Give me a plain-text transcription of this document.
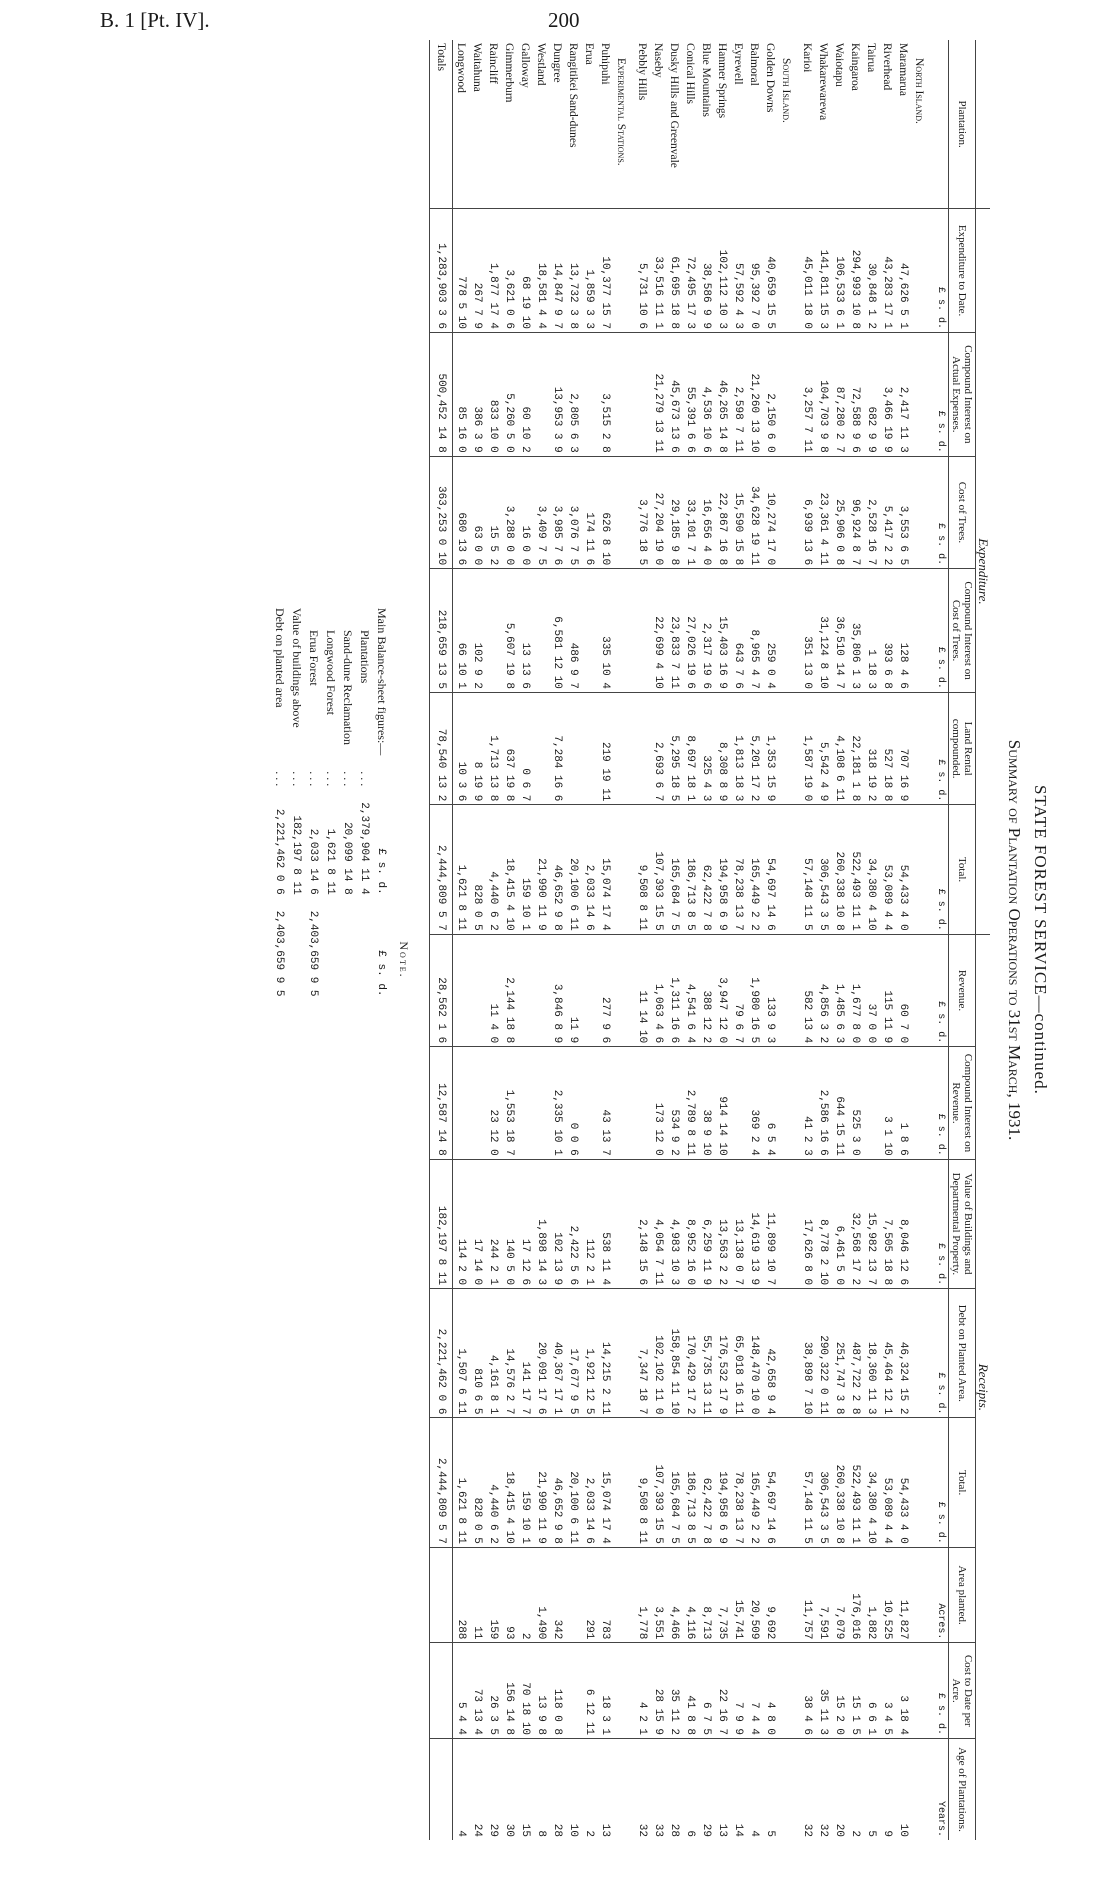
B. 1 [Pt. IV].	200
STATE FOREST SERVICE—continued.
Summary of Plantation Operations to 31st March, 1931.
	Expenditure.						Receipts.							
Plantation.	Expenditure to Date.	Compound Interest on Actual Expenses.	Cost of Trees.	Compound Interest on Cost of Trees.	Land Rental compounded.	Total.	Revenue.	Compound Interest on Revenue.	Value of Buildings and Departmental Property.	Debt on Planted Area.	Total.	Area planted.	Cost to Date per Acre.	Age of Plantations.
	£ s. d.	£ s. d.	£ s. d.	£ s. d.	£ s. d.	£ s. d.	£ s. d.	£ s. d.	£ s. d.	£ s. d.	£ s. d.	Acres.	£ s. d.	Years.
North Island.														
Maramarua	47,626 5 1	2,417 11 3	3,553 6 5	128 4 6	707 16 9	54,433 4 0	60 7 0	1 8 6	8,046 12 6	46,324 15 2	54,433 4 0	11,827	3 18 4	10
Riverhead	43,283 17 1	3,466 19 9	5,417 2 2	393 6 8	527 18 8	53,089 4 4	115 11 9	3 1 10	7,505 18 8	45,464 12 1	53,089 4 4	10,525	3 4 5	9
Tairua	30,848 1 2	682 9 9	2,528 16 7	1 18 3	318 19 2	34,380 4 10	37 0 0		15,982 13 7	18,360 11 3	34,380 4 10	1,882	6 6 1	5
Kaingaroa	294,993 10 8	72,588 9 6	96,924 8 7	35,806 1 3	22,181 1 8	522,493 11 1	1,677 8 0	525 3 0	32,568 17 2	487,722 2 8	522,493 11 1	176,016	15 1 5	2
Waiotapu	106,533 6 1	87,280 2 7	25,906 0 8	36,510 14 7	4,108 6 11	260,338 10 8	1,485 6 3	644 15 11	6,461 5 0	251,747 3 8	260,338 10 8	7,079	15 2 0	20
Whakarewarewa	141,811 15 3	104,703 9 8	23,361 4 11	31,124 8 10	5,542 4 9	306,543 3 5	4,856 3 2	2,586 16 6	8,778 2 10	290,322 0 11	306,543 3 5	7,591	35 11 3	32
Karioi	45,011 18 0	3,257 7 11	6,939 13 6	351 13 0	1,587 19 0	57,148 11 5	582 13 4	41 2 3	17,626 8 0	38,898 7 10	57,148 11 5	11,757	38 4 6	32
South Island.														
Golden Downs	40,659 15 5	2,150 6 0	10,274 17 0	259 0 4	1,353 15 9	54,697 14 6	133 9 3	6 5 4	11,899 10 7	42,658 9 4	54,697 14 6	9,692	4 8 0	5
Balmoral	95,392 7 0	21,260 13 10	34,628 19 11	8,965 4 7	5,201 17 2	165,449 2 2	1,980 16 5	369 2 4	14,619 13 9	148,470 10 0	165,449 2 2	20,509	7 4 4	4
Eyrewell	57,592 4 3	2,598 7 11	15,590 15 8	643 7 6	1,813 18 3	78,238 13 7	79 6 7		13,138 0 7	65,018 16 11	78,238 13 7	15,741	7 9 9	14
Hanmer Springs	102,112 10 3	46,265 14 8	22,867 16 8	15,403 16 9	8,308 8 9	194,958 6 9	3,947 12 0	914 14 10	13,563 2 2	176,532 17 9	194,958 6 9	7,735	22 16 7	13
Blue Mountains	38,586 9 9	4,536 10 6	16,656 4 0	2,317 19 6	325 4 3	62,422 7 8	388 12 2	38 9 10	6,259 11 9	55,735 13 11	62,422 7 8	8,713	6 7 5	29
Conical Hills	72,495 17 3	55,391 6 6	33,101 7 1	27,026 19 6	8,697 18 1	186,713 8 5	4,541 6 4	2,789 8 11	8,952 16 0	170,429 17 2	186,713 8 5	4,116	41 8 8	6
Dusky Hills and Greenvale	61,695 18 8	45,673 13 6	29,185 9 8	23,833 7 11	5,295 18 5	165,684 7 5	1,311 16 6	534 9 2	4,983 10 3	158,854 11 10	165,684 7 5	4,466	35 11 2	28
Naseby	33,516 11 1	21,279 13 11	27,204 19 0	22,699 4 10	2,693 6 7	107,393 15 5	1,063 4 6	173 12 0	4,054 7 11	102,102 11 0	107,393 15 5	3,551	28 15 9	33
Pebbly Hills	5,731 10 6		3,776 18 5			9,508 8 11	11 14 10		2,148 15 6	7,347 18 7	9,508 8 11	1,778	4 2 1	32
Experimental Stations.														
Puhipuhi	10,377 15 7	3,515 2 8	626 8 10	335 10 4	219 19 11	15,074 17 4	277 9 6	43 13 7	538 11 4	14,215 2 11	15,074 17 4	783	18 3 1	13
Erua	1,859 3 3		174 11 6			2,033 14 6			112 2 1	1,921 12 5	2,033 14 6	291	6 12 11	2
Rangitikei Sand-dunes	13,732 3 8	2,805 6 3	3,076 7 5	486 9 7		20,100 6 11	11 9	0 0 6	2,422 5 6	17,677 9 5	20,100 6 11			10
Dungree	14,847 9 7	13,953 3 9	3,985 7 6	6,581 12 10	7,284 16 6	46,652 9 8	3,846 8 9	2,335 10 1	102 13 9	40,367 17 1	46,652 9 8	342	118 0 8	28
Westland	18,581 4 4		3,409 7 5			21,990 11 9			1,898 14 3	20,091 17 6	21,990 11 9	1,490	13 9 8	8
Galloway	68 19 10	60 10 2	16 0 0	13 13 6	0 6 7	159 10 1			17 12 6	141 17 7	159 10 1	2	70 18 10	15
Gimmerburn	3,621 0 6	5,260 5 0	3,288 0 0	5,607 19 8	637 19 8	18,415 4 10	2,144 18 8	1,553 18 7	140 5 0	14,576 2 7	18,415 4 10	93	156 14 8	30
Raincliff	1,877 17 4	833 10 0	15 5 2		1,713 13 8	4,440 6 2	11 4 0	23 12 0	244 2 1	4,161 8 1	4,440 6 2	159	26 3 5	29
Waitahuna	267 7 9	386 3 9	63 0 0	102 9 2	8 19 9	828 0 5			17 14 0	810 6 5	828 0 5	11	73 13 4	24
Longwood	778 5 10	85 16 0	680 13 6	66 10 1	10 3 6	1,621 8 11			114 2 0	1,507 6 11	1,621 8 11	288	5 4 4	4
Totals	1,283,903 3 6	500,452 14 8	363,253 0 10	218,659 13 5	78,540 13 2	2,444,809 5 7	28,562 1 6	12,587 14 8	182,197 8 11	2,221,462 0 6	2,444,809 5 7			
Note.
Main Balance-sheet figures:—		£ s. d.	£ s. d.
Plantations	. . .	2,379,904 11 4	
Sand-dune Reclamation	. . .	20,099 14 8	
Longwood Forest	. . .	1,621 8 11	
Erua Forest	. . .	2,033 14 6	2,403,659 9 5
Value of buildings above	. . .	182,197 8 11	
Debt on planted area	. . .	2,221,462 0 6	2,403,659 9 5
